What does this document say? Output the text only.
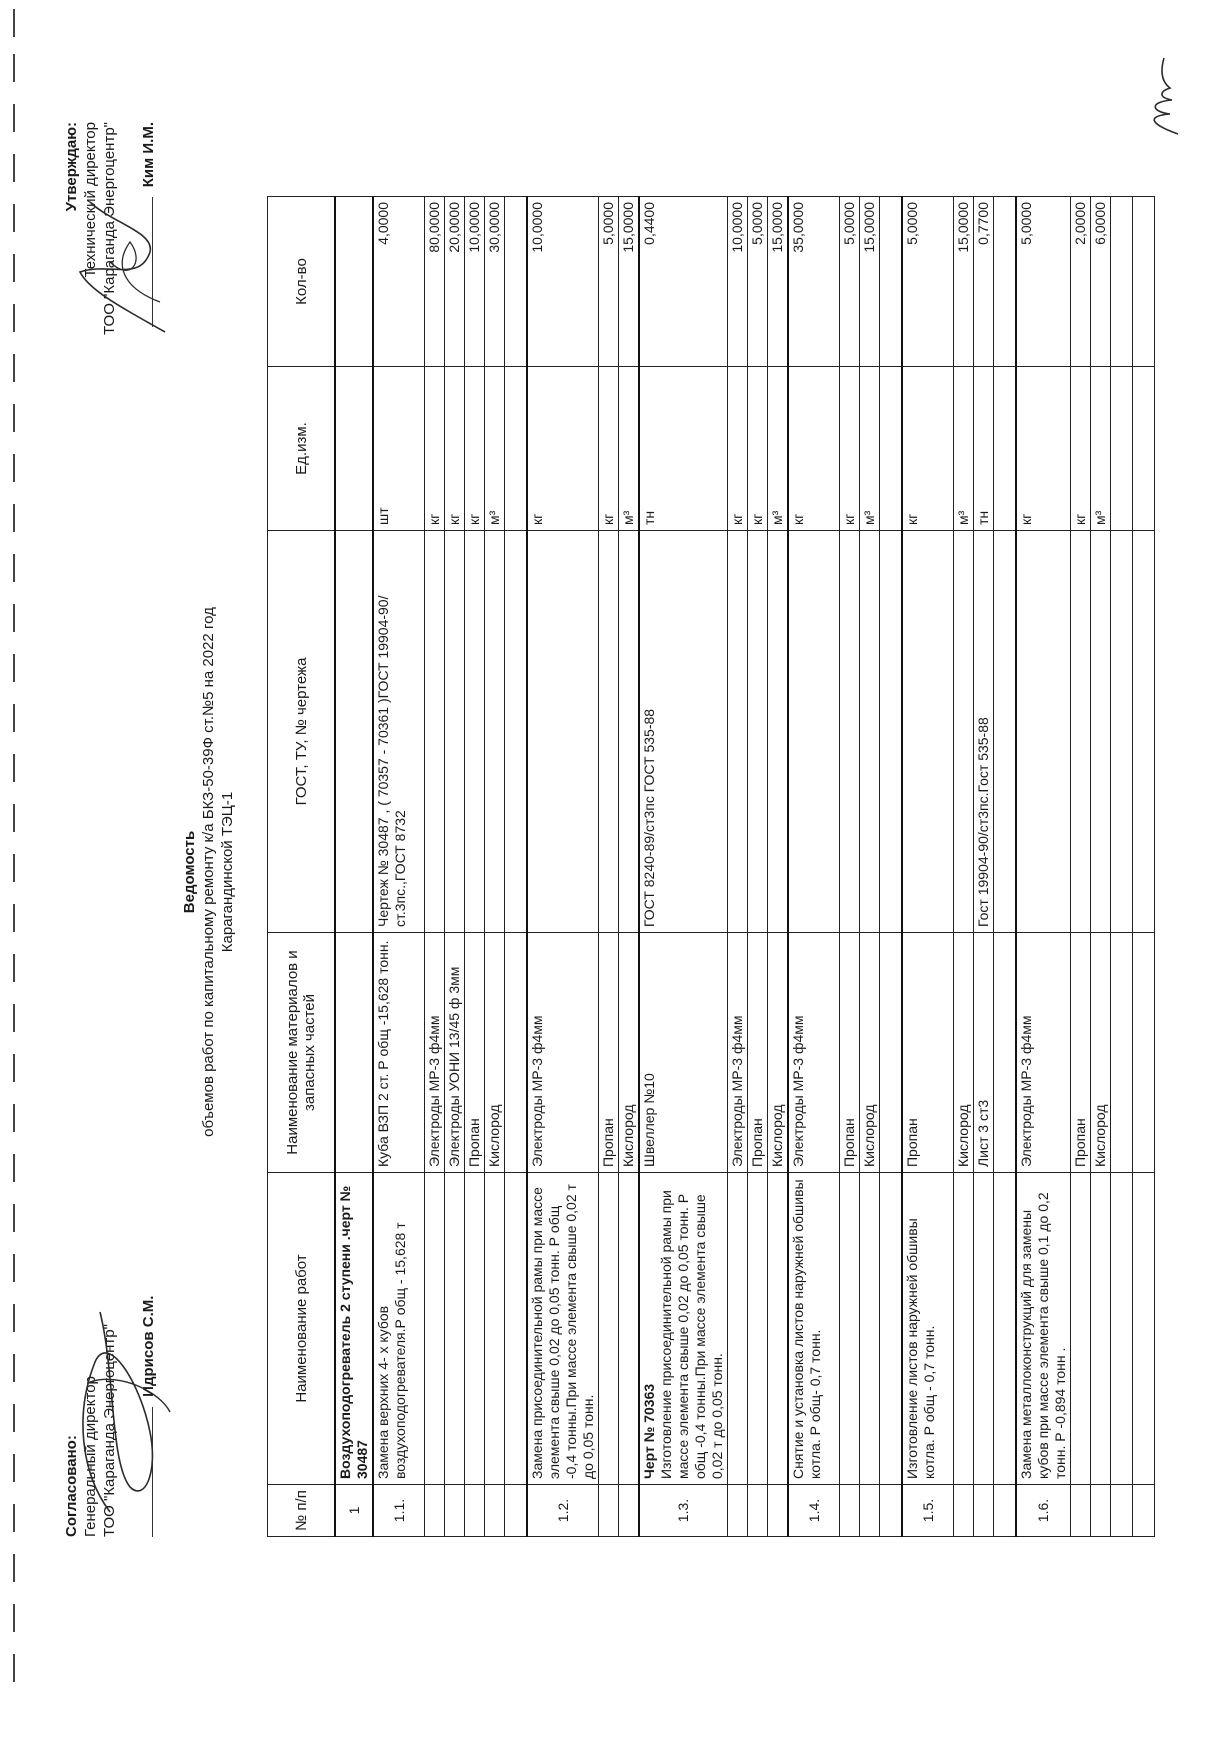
Согласовано: Генеральный директор ТОО "Караганда Энергоцентр" Идрисов С.М.
Утверждаю: Технический директор ТОО "Караганда Энергоцентр" Ким И.М.
Ведомость объемов работ по капитальному ремонту к/а БКЗ-50-39Ф ст.№5 на 2022 год Карагандинской ТЭЦ-1
№ п/п	Наименование работ	Наименование материалов и запасных частей	ГОСТ, ТУ, № чертежа	Ед.изм.	Кол-во
1	Воздухоподогреватель 2 ступени .черт № 30487				
1.1.	Замена верхних 4- х кубов воздухоподогревателя.Р общ - 15,628 т	Куба ВЗП 2 ст. Р общ -15,628 тонн.	Чертеж № 30487 , ( 70357 - 70361 )ГОСТ 19904-90/ст.3пс.,ГОСТ 8732	шт	4,0000
		Электроды МР-3 ф4мм		кг	80,0000
		Электроды УОНИ 13/45 ф 3мм		кг	20,0000
		Пропан		кг	10,0000
		Кислород		м³	30,0000

1.2.	Замена присоединительной рамы при массе элемента свыше 0,02 до 0,05 тонн. Р общ -0,4 тонны.При массе элемента свыше 0,02 т до 0,05 тонн.	Электроды МР-3 ф4мм		кг	10,0000
		Пропан		кг	5,0000
		Кислород		м³	15,0000
1.3.	Черт № 70363 Изготовление присоединительной рамы при массе элемента свыше 0,02 до 0,05 тонн. Р общ -0,4 тонны.При массе элемента свыше 0,02 т до 0,05 тонн.	Швеллер №10	ГОСТ 8240-89/ст3пс ГОСТ 535-88	тн	0,4400
		Электроды МР-3 ф4мм		кг	10,0000
		Пропан		кг	5,0000
		Кислород		м³	15,0000
1.4.	Снятие и установка листов наружней обшивы котла. Р общ- 0,7 тонн.	Электроды МР-3 ф4мм		кг	35,0000
		Пропан		кг	5,0000
		Кислород		м³	15,0000

1.5.	Изготовление листов наружней обшивы котла. Р общ - 0,7 тонн.	Пропан		кг	5,0000
		Кислород		м³	15,0000
		Лист 3 ст3	Гост 19904-90/ст3пс.Гост 535-88	тн	0,7700

1.6.	Замена металлоконструкций для замены кубов при массе элемента свыше 0,1 до 0,2 тонн. Р -0,894 тонн .	Электроды МР-3 ф4мм		кг	5,0000
		Пропан		кг	2,0000
		Кислород		м³	6,0000
